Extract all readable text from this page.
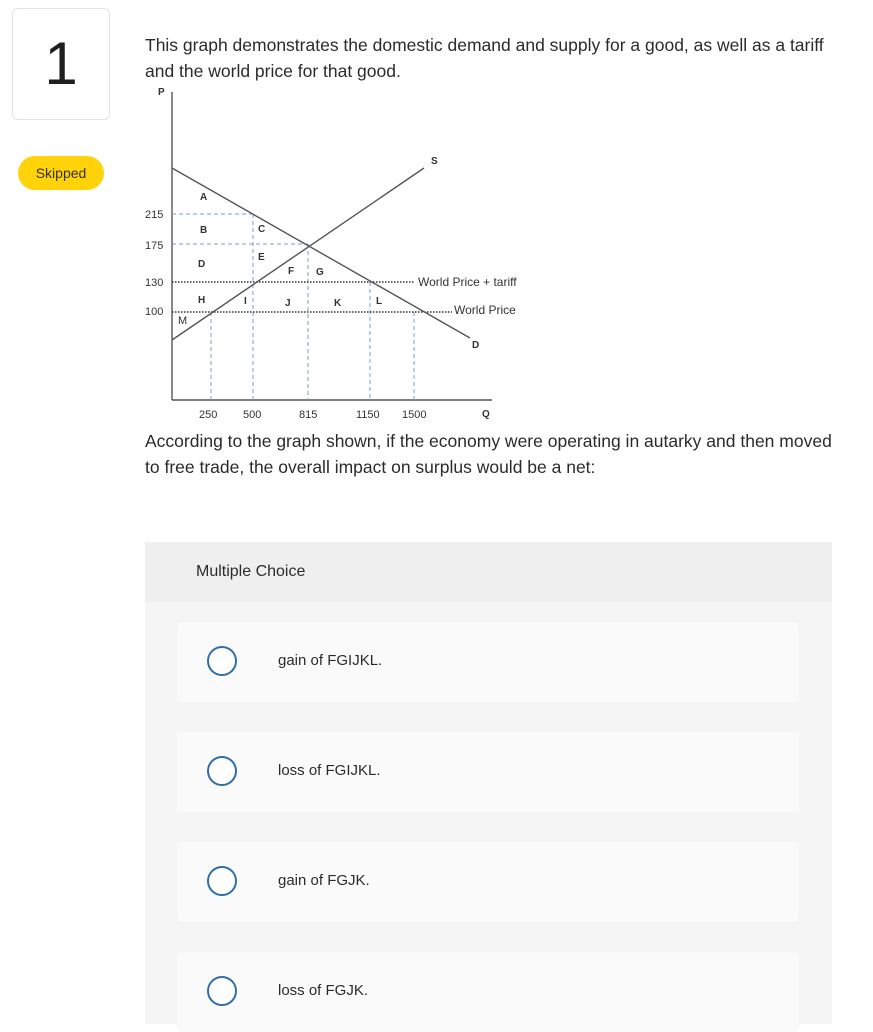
1
Skipped
This graph demonstrates the domestic demand and supply for a good, as well as a tariff and the world price for that good.
P
Q
215
175
130
100
250 500	815	1150 1500
S
D
World Price + tariff
World Price
A
B	C
D
E
F G
H	I	J	K	L
M
According to the graph shown, if the economy were operating in autarky and then moved to free trade, the overall impact on surplus would be a net:
Multiple Choice
gain of FGIJKL.
loss of FGIJKL.
gain of FGJK.
loss of FGJK.
